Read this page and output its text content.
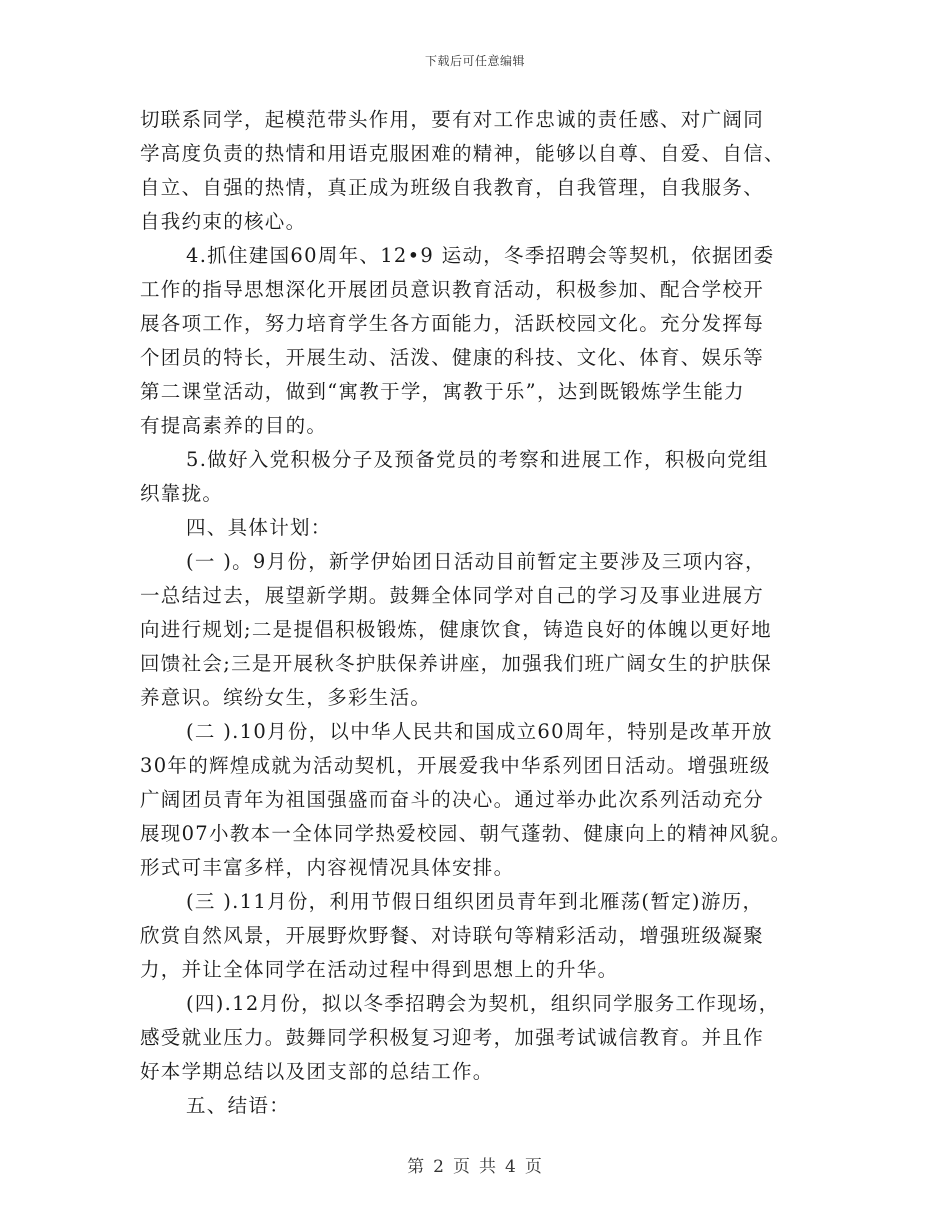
下载后可任意编辑
切联系同学，起模范带头作用，要有对工作忠诚的责任感、对广阔同
学高度负责的热情和用语克服困难的精神，能够以自尊、自爱、自信、
自立、自强的热情，真正成为班级自我教育，自我管理，自我服务、
自我约束的核心。
4.抓住建国60周年、12•9 运动，冬季招聘会等契机，依据团委
工作的指导思想深化开展团员意识教育活动，积极参加、配合学校开
展各项工作，努力培育学生各方面能力，活跃校园文化。充分发挥每
个团员的特长，开展生动、活泼、健康的科技、文化、体育、娱乐等
第二课堂活动，做到“寓教于学，寓教于乐”，达到既锻炼学生能力
有提高素养的目的。
5.做好入党积极分子及预备党员的考察和进展工作，积极向党组
织靠拢。
四、具体计划：
(一 )。9月份，新学伊始团日活动目前暂定主要涉及三项内容，
一总结过去，展望新学期。鼓舞全体同学对自己的学习及事业进展方
向进行规划;二是提倡积极锻炼，健康饮食，铸造良好的体魄以更好地
回馈社会;三是开展秋冬护肤保养讲座，加强我们班广阔女生的护肤保
养意识。缤纷女生，多彩生活。
(二 ).10月份，以中华人民共和国成立60周年，特别是改革开放
30年的辉煌成就为活动契机，开展爱我中华系列团日活动。增强班级
广阔团员青年为祖国强盛而奋斗的决心。通过举办此次系列活动充分
展现07小教本一全体同学热爱校园、朝气蓬勃、健康向上的精神风貌。
形式可丰富多样，内容视情况具体安排。
(三 ).11月份，利用节假日组织团员青年到北雁荡(暂定)游历，
欣赏自然风景，开展野炊野餐、对诗联句等精彩活动，增强班级凝聚
力，并让全体同学在活动过程中得到思想上的升华。
(四).12月份，拟以冬季招聘会为契机，组织同学服务工作现场，
感受就业压力。鼓舞同学积极复习迎考，加强考试诚信教育。并且作
好本学期总结以及团支部的总结工作。
五、结语：
第 2 页 共 4 页
